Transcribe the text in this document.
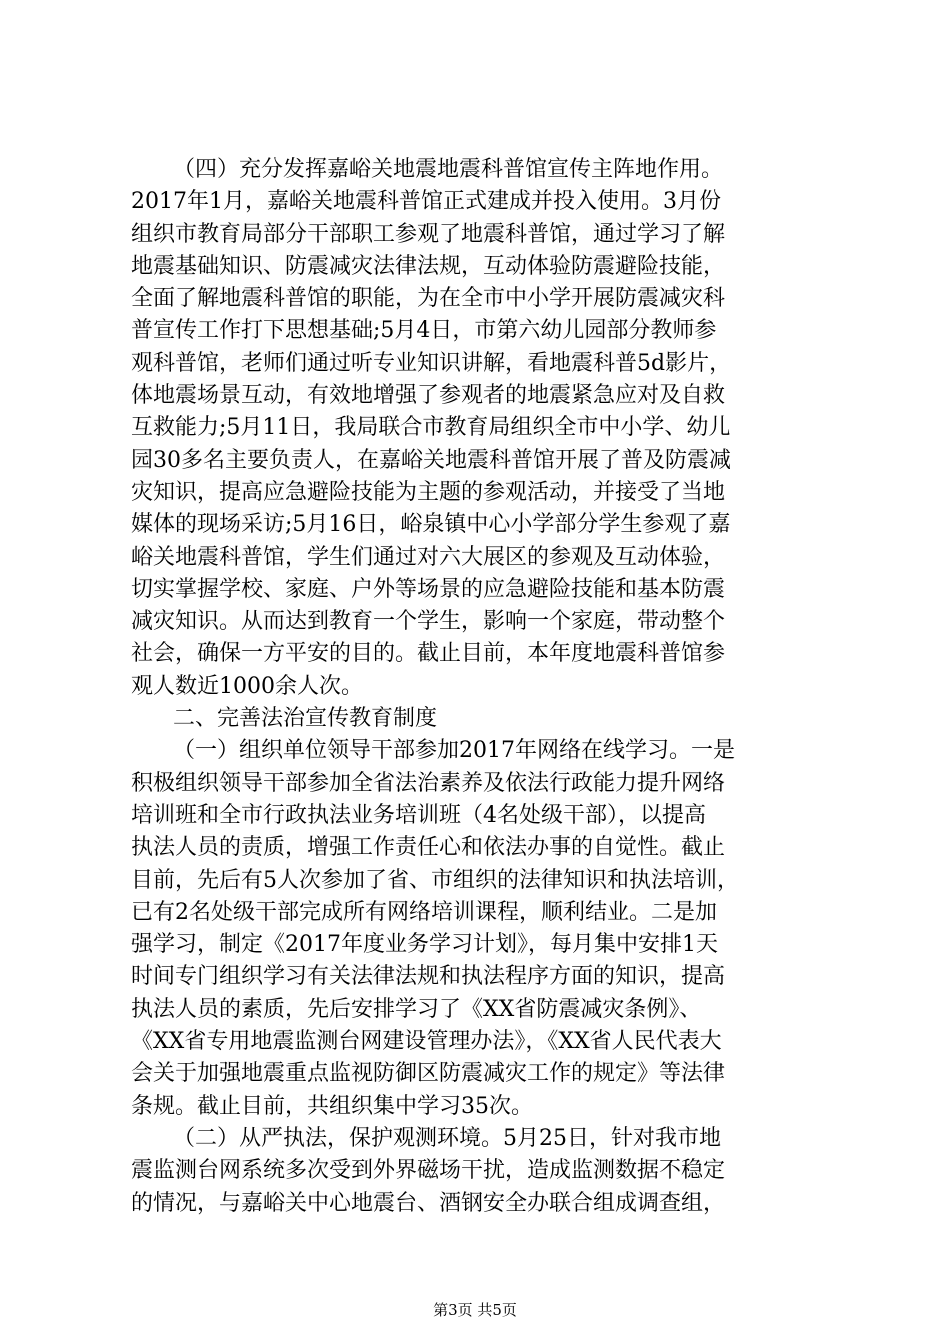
（四）充分发挥嘉峪关地震地震科普馆宣传主阵地作用。
2017年1月，嘉峪关地震科普馆正式建成并投入使用。3月份
组织市教育局部分干部职工参观了地震科普馆，通过学习了解
地震基础知识、防震减灾法律法规，互动体验防震避险技能，
全面了解地震科普馆的职能，为在全市中小学开展防震减灾科
普宣传工作打下思想基础;5月4日，市第六幼儿园部分教师参
观科普馆，老师们通过听专业知识讲解，看地震科普5d影片，
体地震场景互动，有效地增强了参观者的地震紧急应对及自救
互救能力;5月11日，我局联合市教育局组织全市中小学、幼儿
园30多名主要负责人，在嘉峪关地震科普馆开展了普及防震减
灾知识，提高应急避险技能为主题的参观活动，并接受了当地
媒体的现场采访;5月16日，峪泉镇中心小学部分学生参观了嘉
峪关地震科普馆，学生们通过对六大展区的参观及互动体验，
切实掌握学校、家庭、户外等场景的应急避险技能和基本防震
减灾知识。从而达到教育一个学生，影响一个家庭，带动整个
社会，确保一方平安的目的。截止目前，本年度地震科普馆参
观人数近1000余人次。
二、完善法治宣传教育制度
（一）组织单位领导干部参加2017年网络在线学习。一是
积极组织领导干部参加全省法治素养及依法行政能力提升网络
培训班和全市行政执法业务培训班（4名处级干部），以提高
执法人员的责质，增强工作责任心和依法办事的自觉性。截止
目前，先后有5人次参加了省、市组织的法律知识和执法培训，
已有2名处级干部完成所有网络培训课程，顺利结业。二是加
强学习，制定《2017年度业务学习计划》，每月集中安排1天
时间专门组织学习有关法律法规和执法程序方面的知识，提高
执法人员的素质，先后安排学习了《XX省防震减灾条例》、
《XX省专用地震监测台网建设管理办法》，《XX省人民代表大
会关于加强地震重点监视防御区防震减灾工作的规定》等法律
条规。截止目前，共组织集中学习35次。
（二）从严执法，保护观测环境。5月25日，针对我市地
震监测台网系统多次受到外界磁场干扰，造成监测数据不稳定
的情况，与嘉峪关中心地震台、酒钢安全办联合组成调查组，
第3页 共5页
